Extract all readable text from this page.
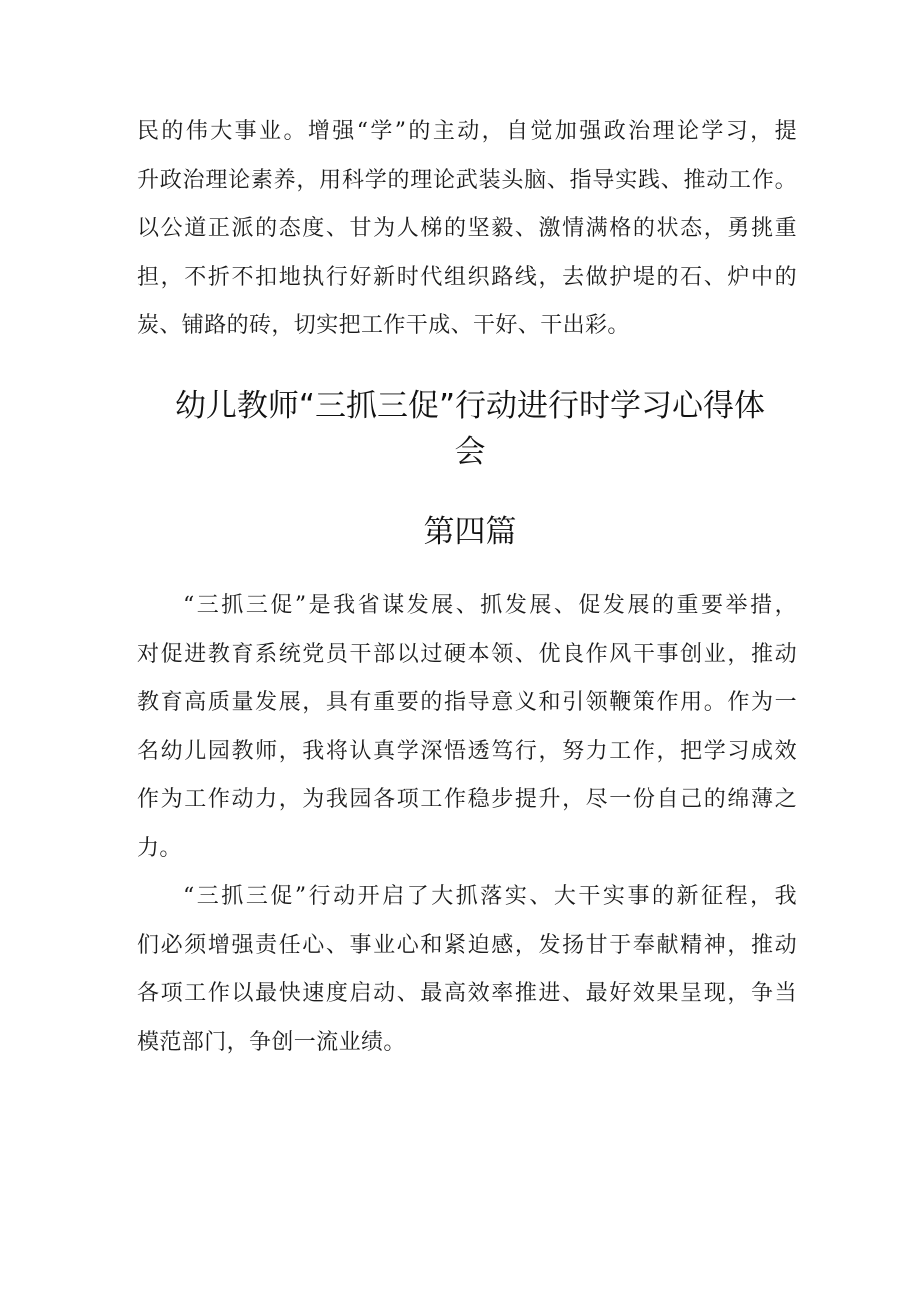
民的伟大事业。增强“学”的主动，自觉加强政治理论学习，提
升政治理论素养，用科学的理论武装头脑、指导实践、推动工作。
以公道正派的态度、甘为人梯的坚毅、激情满格的状态，勇挑重
担，不折不扣地执行好新时代组织路线，去做护堤的石、炉中的
炭、铺路的砖，切实把工作干成、干好、干出彩。
幼儿教师“三抓三促”行动进行时学习心得体
会
第四篇
“三抓三促”是我省谋发展、抓发展、促发展的重要举措，
对促进教育系统党员干部以过硬本领、优良作风干事创业，推动
教育高质量发展，具有重要的指导意义和引领鞭策作用。作为一
名幼儿园教师，我将认真学深悟透笃行，努力工作，把学习成效
作为工作动力，为我园各项工作稳步提升，尽一份自己的绵薄之
力。
“三抓三促”行动开启了大抓落实、大干实事的新征程，我
们必须增强责任心、事业心和紧迫感，发扬甘于奉献精神，推动
各项工作以最快速度启动、最高效率推进、最好效果呈现，争当
模范部门，争创一流业绩。
